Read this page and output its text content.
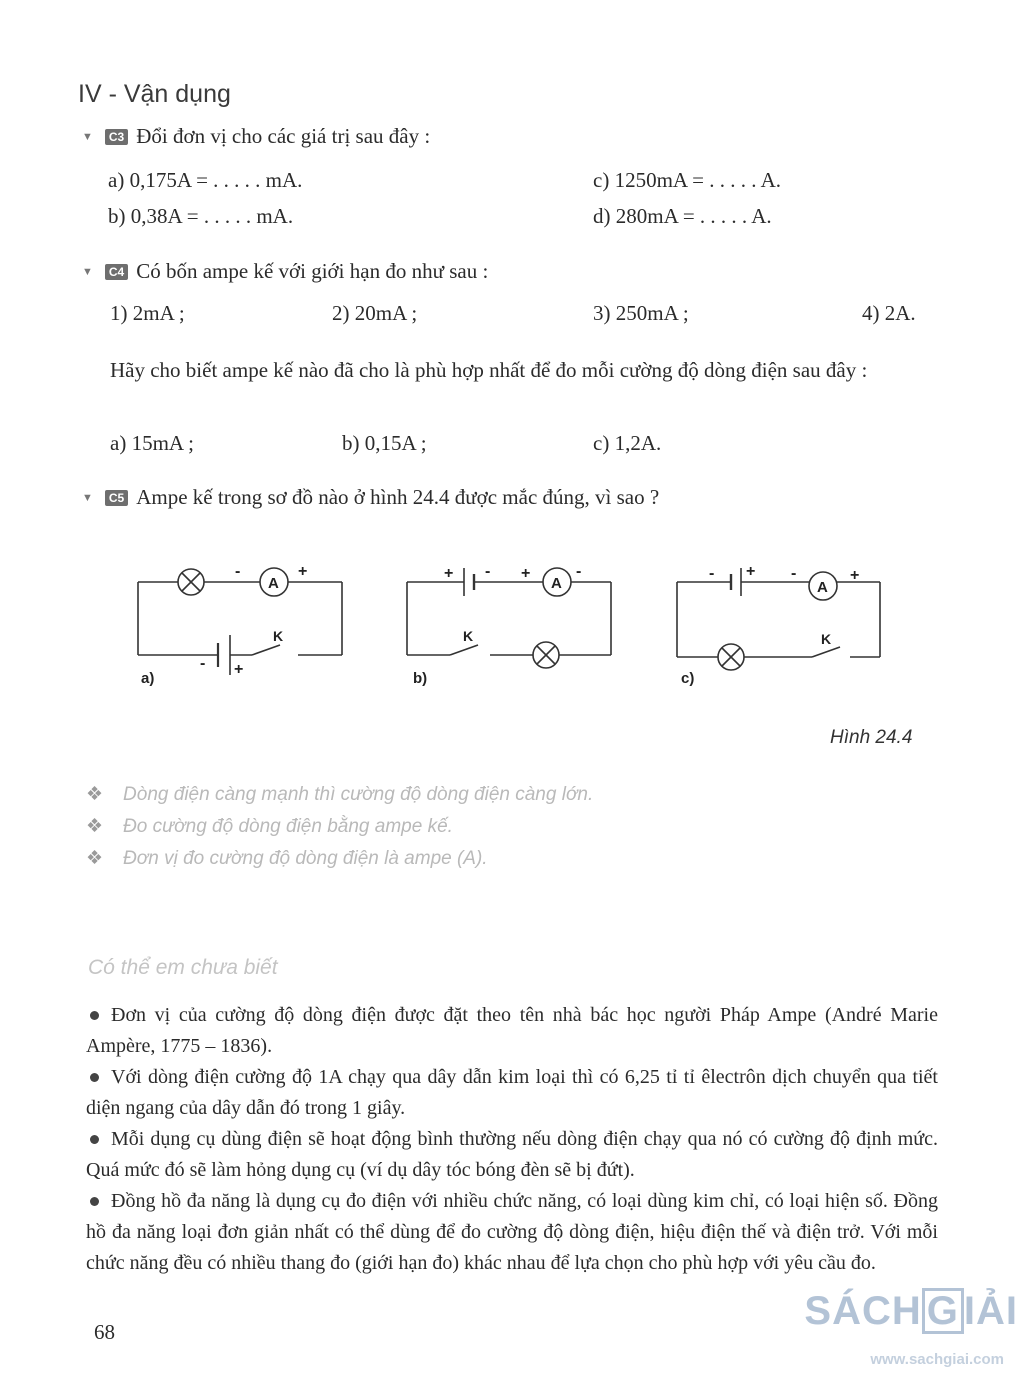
IV - Vận dụng
▼	C3 Đổi đơn vị cho các giá trị sau đây :
a) 0,175A = . . . . . mA.	c) 1250mA = . . . . . A.
b) 0,38A = . . . . . mA.	d) 280mA = . . . . . A.
▼	C4 Có bốn ampe kế với giới hạn đo như sau :
1) 2mA ;	2) 20mA ;	3) 250mA ;	4) 2A.
Hãy cho biết ampe kế nào đã cho là phù hợp nhất để đo mỗi cường độ dòng điện sau đây :
a) 15mA ;	b) 0,15A ;	c) 1,2A.
▼	C5 Ampe kế trong sơ đồ nào ở hình 24.4 được mắc đúng, vì sao ?
A
-	+
K
- +
a)
A
+ - +	-
K
b)
A
- + -	+
K
c)
Hình 24.4
❖ Dòng điện càng mạnh thì cường độ dòng điện càng lớn.
❖ Đo cường độ dòng điện bằng ampe kế.
❖ Đơn vị đo cường độ dòng điện là ampe (A).
Có thể em chưa biết
Đơn vị của cường độ dòng điện được đặt theo tên nhà bác học người Pháp Ampe (André Marie Ampère, 1775 – 1836).
Với dòng điện cường độ 1A chạy qua dây dẫn kim loại thì có 6,25 tỉ tỉ êlectrôn dịch chuyển qua tiết diện ngang của dây dẫn đó trong 1 giây.
Mỗi dụng cụ dùng điện sẽ hoạt động bình thường nếu dòng điện chạy qua nó có cường độ định mức. Quá mức đó sẽ làm hỏng dụng cụ (ví dụ dây tóc bóng đèn sẽ bị đứt).
Đồng hồ đa năng là dụng cụ đo điện với nhiều chức năng, có loại dùng kim chỉ, có loại hiện số. Đồng hồ đa năng loại đơn giản nhất có thể dùng để đo cường độ dòng điện, hiệu điện thế và điện trở. Với mỗi chức năng đều có nhiều thang đo (giới hạn đo) khác nhau để lựa chọn cho phù hợp với yêu cầu đo.
68	SÁCH G IẢI
www.sachgiai.com
